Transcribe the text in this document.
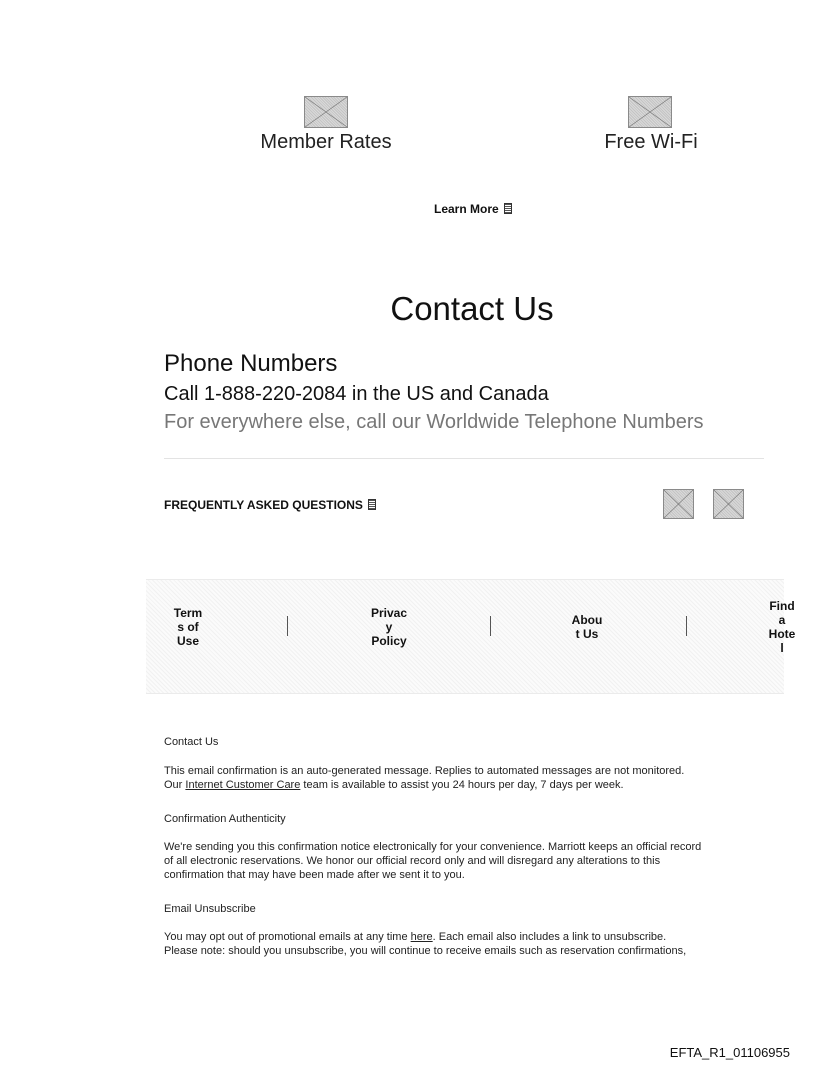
Member Rates	Free Wi-Fi
Learn More
Contact Us
Phone Numbers
Call 1-888-220-2084 in the US and Canada
For everywhere else, call our Worldwide Telephone Numbers
FREQUENTLY ASKED QUESTIONS
Term
s of
Use
Privac
y
Policy
Abou
t Us
Find
a
Hote
l
Contact Us
This email confirmation is an auto-generated message. Replies to automated messages are not monitored.
Our Internet Customer Care team is available to assist you 24 hours per day, 7 days per week.
Confirmation Authenticity
We're sending you this confirmation notice electronically for your convenience. Marriott keeps an official record
of all electronic reservations. We honor our official record only and will disregard any alterations to this
confirmation that may have been made after we sent it to you.
Email Unsubscribe
You may opt out of promotional emails at any time here. Each email also includes a link to unsubscribe.
Please note: should you unsubscribe, you will continue to receive emails such as reservation confirmations,
EFTA_R1_01106955
